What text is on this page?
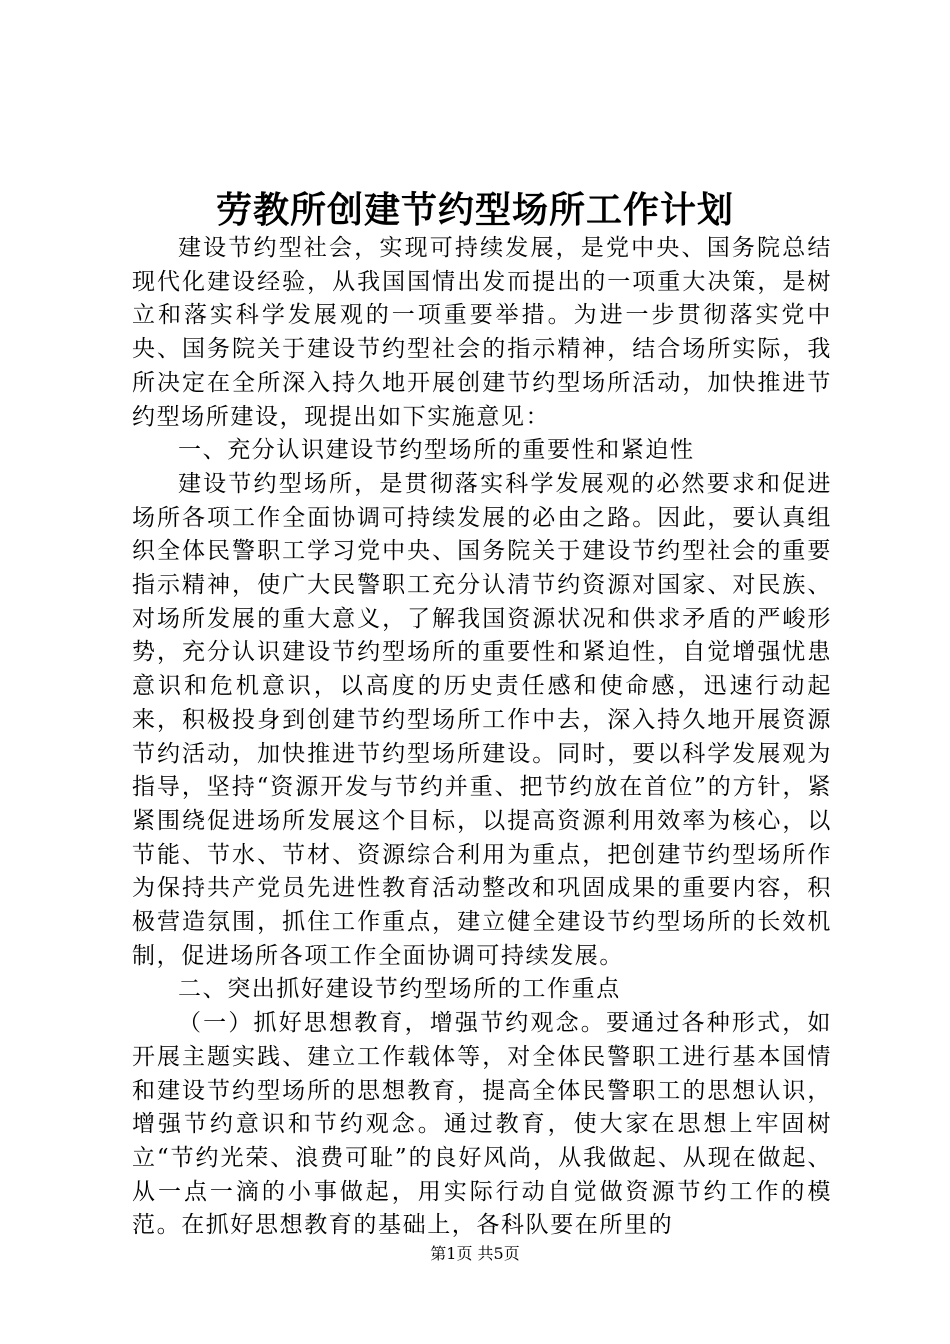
劳教所创建节约型场所工作计划

建设节约型社会，实现可持续发展，是党中央、国务院总结现代化建设经验，从我国国情出发而提出的一项重大决策，是树立和落实科学发展观的一项重要举措。为进一步贯彻落实党中央、国务院关于建设节约型社会的指示精神，结合场所实际，我所决定在全所深入持久地开展创建节约型场所活动，加快推进节约型场所建设，现提出如下实施意见：

一、充分认识建设节约型场所的重要性和紧迫性

建设节约型场所，是贯彻落实科学发展观的必然要求和促进场所各项工作全面协调可持续发展的必由之路。因此，要认真组织全体民警职工学习党中央、国务院关于建设节约型社会的重要指示精神，使广大民警职工充分认清节约资源对国家、对民族、对场所发展的重大意义，了解我国资源状况和供求矛盾的严峻形势，充分认识建设节约型场所的重要性和紧迫性，自觉增强忧患意识和危机意识，以高度的历史责任感和使命感，迅速行动起来，积极投身到创建节约型场所工作中去，深入持久地开展资源节约活动，加快推进节约型场所建设。同时，要以科学发展观为指导，坚持“资源开发与节约并重、把节约放在首位”的方针，紧紧围绕促进场所发展这个目标，以提高资源利用效率为核心，以节能、节水、节材、资源综合利用为重点，把创建节约型场所作为保持共产党员先进性教育活动整改和巩固成果的重要内容，积极营造氛围，抓住工作重点，建立健全建设节约型场所的长效机制，促进场所各项工作全面协调可持续发展。

二、突出抓好建设节约型场所的工作重点

（一）抓好思想教育，增强节约观念。要通过各种形式，如开展主题实践、建立工作载体等，对全体民警职工进行基本国情和建设节约型场所的思想教育，提高全体民警职工的思想认识，增强节约意识和节约观念。通过教育，使大家在思想上牢固树立“节约光荣、浪费可耻”的良好风尚，从我做起、从现在做起、从一点一滴的小事做起，用实际行动自觉做资源节约工作的模范。在抓好思想教育的基础上，各科队要在所里的

第1页 共5页
